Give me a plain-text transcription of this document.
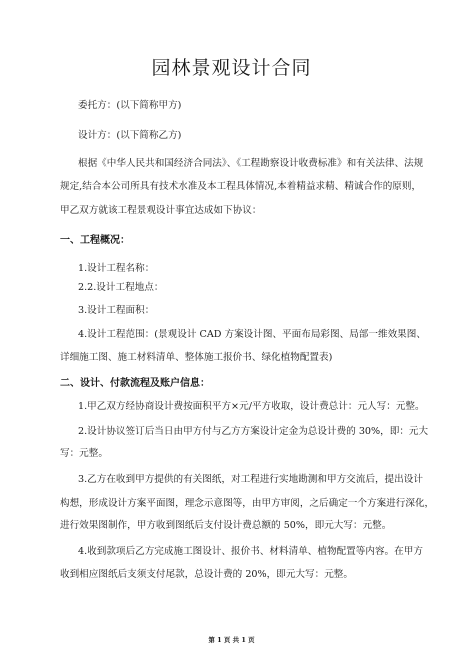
园林景观设计合同
委托方：(以下简称甲方)
设计方：(以下简称乙方)
根据《中华人民共和国经济合同法》、《工程勘察设计收费标准》和有关法律、法规
规定,结合本公司所具有技术水准及本工程具体情况,本着精益求精、精诚合作的原则，
甲乙双方就该工程景观设计事宜达成如下协议：
一、工程概况：
1.设计工程名称：
2.2.设计工程地点：
3.设计工程面积：
4.设计工程范围：(景观设计 CAD 方案设计图、平面布局彩图、局部一维效果图、
详细施工图、施工材料清单、整体施工报价书、绿化植物配置表)
二、设计、付款流程及账户信息：
1.甲乙双方经协商设计费按面积平方×元/平方收取，设计费总计：元人写：元整。
2.设计协议签订后当日由甲方付与乙方方案设计定金为总设计费的 30%，即：元大
写：元整。
3.乙方在收到甲方提供的有关图纸，对工程进行实地勘测和甲方交流后，提出设计
构想，形成设计方案平面图，理念示意图等，由甲方审阅，之后确定一个方案进行深化，
进行效果图制作，甲方收到图纸后支付设计费总额的 50%，即元大写：元整。
4.收到款项后乙方完成施工图设计、报价书、材料清单、植物配置等内容。在甲方
收到相应图纸后支须支付尾款，总设计费的 20%，即元大写：元整。
第 1 页 共 1 页
